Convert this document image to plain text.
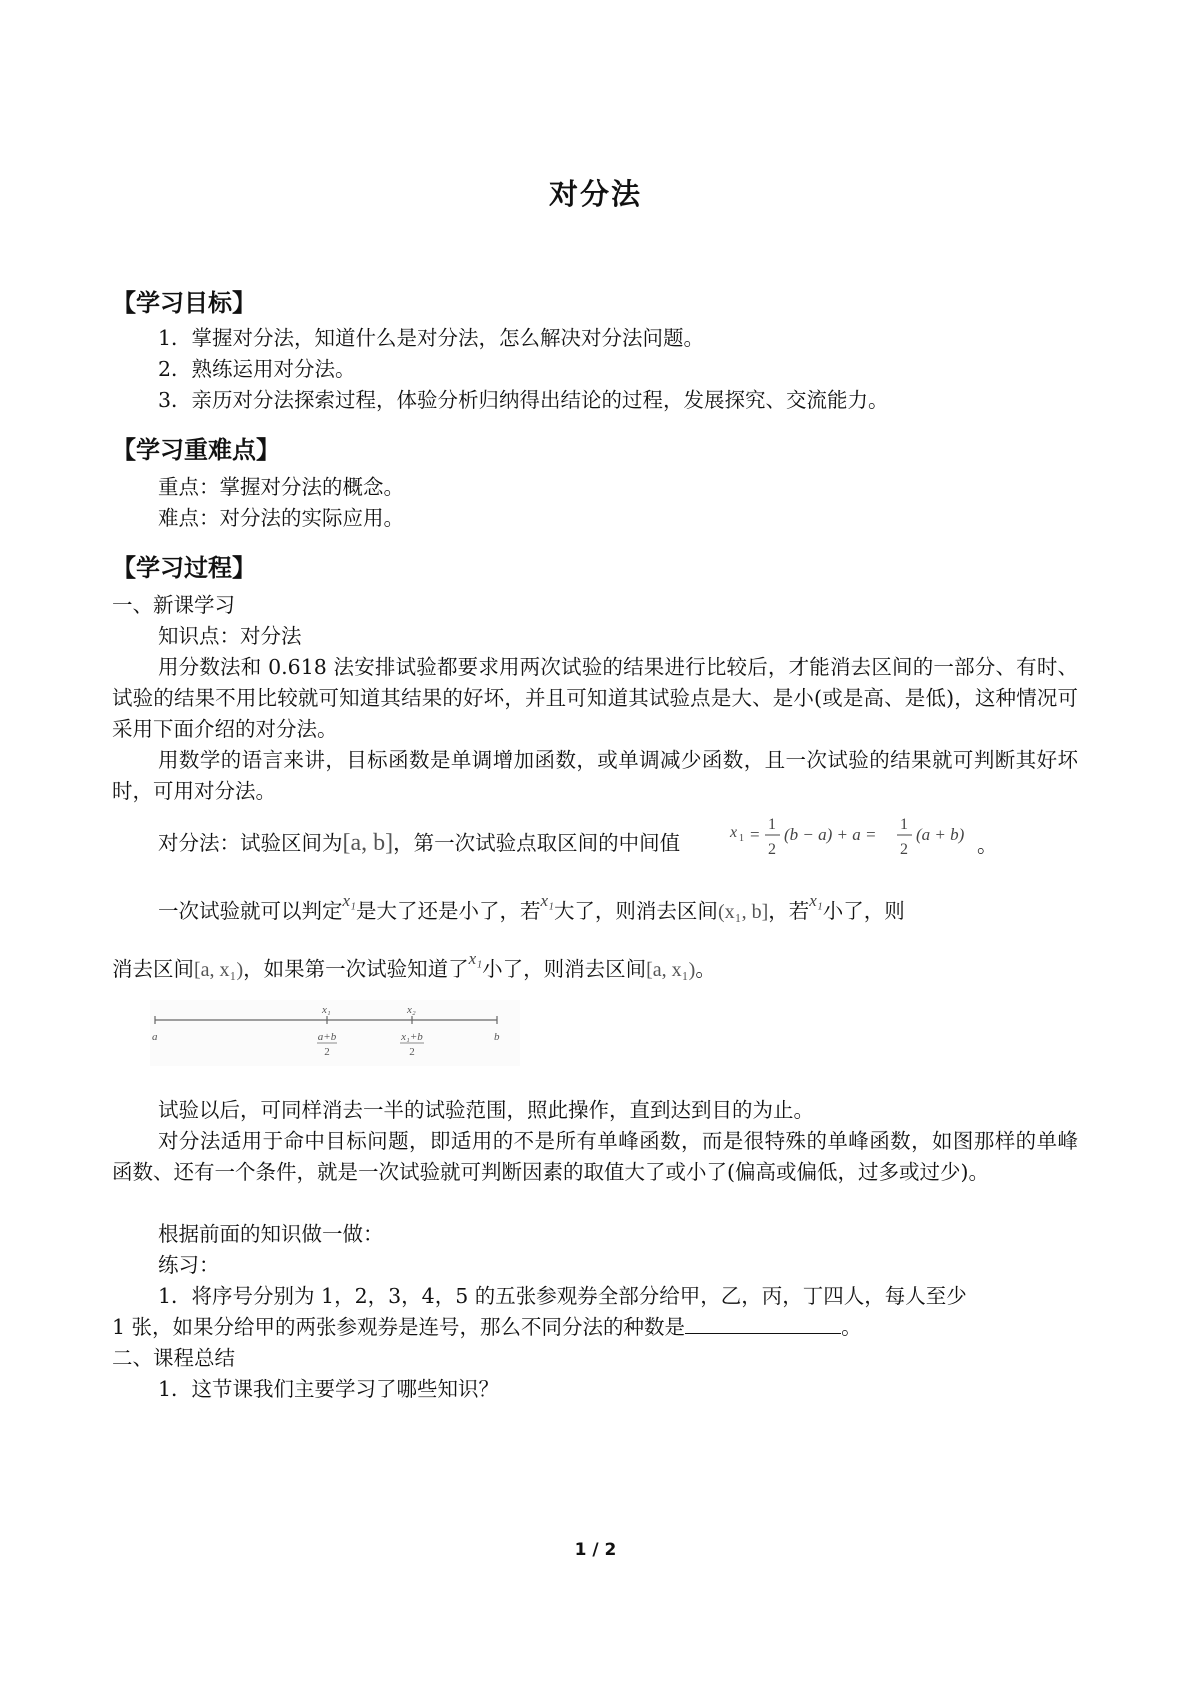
对分法
【学习目标】
1．掌握对分法，知道什么是对分法，怎么解决对分法问题。
2．熟练运用对分法。
3．亲历对分法探索过程，体验分析归纳得出结论的过程，发展探究、交流能力。
【学习重难点】
重点：掌握对分法的概念。
难点：对分法的实际应用。
【学习过程】
一、新课学习
知识点：对分法
用分数法和 0.618 法安排试验都要求用两次试验的结果进行比较后，才能消去区间的一部分、有时、试验的结果不用比较就可知道其结果的好坏，并且可知道其试验点是大、是小(或是高、是低)，这种情况可采用下面介绍的对分法。
用数学的语言来讲，目标函数是单调增加函数，或单调减少函数，且一次试验的结果就可判断其好坏时，可用对分法。
对分法：试验区间为[a, b]，第一次试验点取区间的中间值	x 1 =
1
2
(b − a) + a =
1
2
(a + b) 。
一次试验就可以判定$^{x_1}$是大了还是小了，若$^{x_1}$大了，则消去区间(x₁, b]，若$^{x_1}$小了，则
消去区间[a, x₁)，如果第一次试验知道了$^{x_1}$小了，则消去区间[a, x₁)。
x₁	x₂
a	b
a+b
2
x₁+b
2
试验以后，可同样消去一半的试验范围，照此操作，直到达到目的为止。
对分法适用于命中目标问题，即适用的不是所有单峰函数，而是很特殊的单峰函数，如图那样的单峰函数、还有一个条件，就是一次试验就可判断因素的取值大了或小了(偏高或偏低，过多或过少)。
根据前面的知识做一做：
练习：
1．将序号分别为 1，2，3，4，5 的五张参观券全部分给甲，乙，丙，丁四人，每人至少
1 张，如果分给甲的两张参观券是连号，那么不同分法的种数是	。
二、课程总结
1．这节课我们主要学习了哪些知识？
1 / 2
